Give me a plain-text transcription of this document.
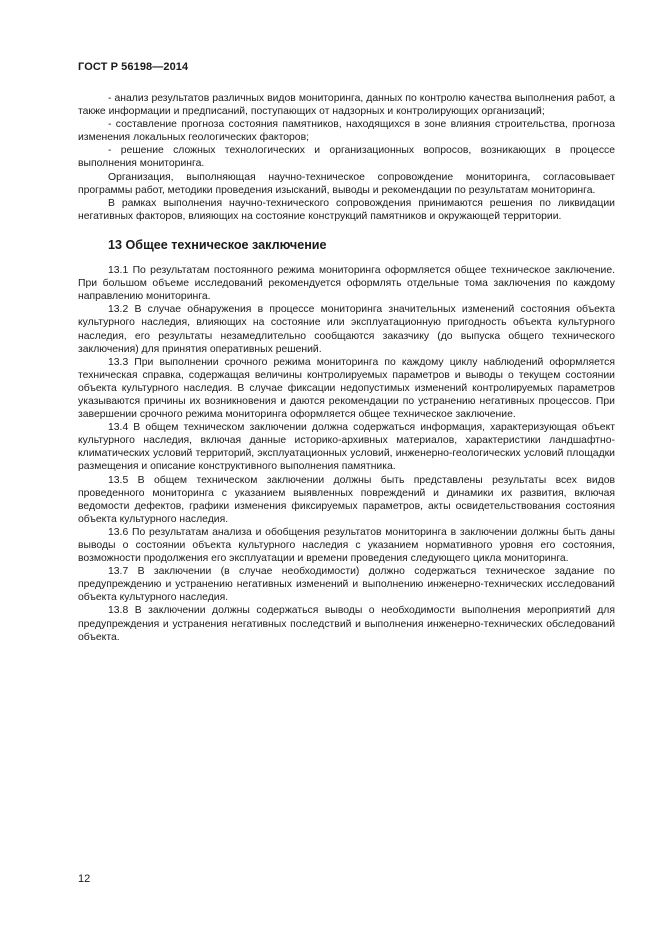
ГОСТ Р 56198—2014

- анализ результатов различных видов мониторинга, данных по контролю качества выполнения работ, а также информации и предписаний, поступающих от надзорных и контролирующих организаций;

- составление прогноза состояния памятников, находящихся в зоне влияния строительства, прогноза изменения локальных геологических факторов;

- решение сложных технологических и организационных вопросов, возникающих в процессе выполнения мониторинга.

Организация, выполняющая научно-техническое сопровождение мониторинга, согласовывает программы работ, методики проведения изысканий, выводы и рекомендации по результатам мониторинга.

В рамках выполнения научно-технического сопровождения принимаются решения по ликвидации негативных факторов, влияющих на состояние конструкций памятников и окружающей территории.

13 Общее техническое заключение

13.1 По результатам постоянного режима мониторинга оформляется общее техническое заключение. При большом объеме исследований рекомендуется оформлять отдельные тома заключения по каждому направлению мониторинга.

13.2 В случае обнаружения в процессе мониторинга значительных изменений состояния объекта культурного наследия, влияющих на состояние или эксплуатационную пригодность объекта культурного наследия, его результаты незамедлительно сообщаются заказчику (до выпуска общего технического заключения) для принятия оперативных решений.

13.3 При выполнении срочного режима мониторинга по каждому циклу наблюдений оформляется техническая справка, содержащая величины контролируемых параметров и выводы о текущем состоянии объекта культурного наследия. В случае фиксации недопустимых изменений контролируемых параметров указываются причины их возникновения и даются рекомендации по устранению негативных процессов. При завершении срочного режима мониторинга оформляется общее техническое заключение.

13.4 В общем техническом заключении должна содержаться информация, характеризующая объект культурного наследия, включая данные историко-архивных материалов, характеристики ландшафтно-климатических условий территорий, эксплуатационных условий, инженерно-геологических условий площадки размещения и описание конструктивного выполнения памятника.

13.5 В общем техническом заключении должны быть представлены результаты всех видов проведенного мониторинга с указанием выявленных повреждений и динамики их развития, включая ведомости дефектов, графики изменения фиксируемых параметров, акты освидетельствования состояния объекта культурного наследия.

13.6 По результатам анализа и обобщения результатов мониторинга в заключении должны быть даны выводы о состоянии объекта культурного наследия с указанием нормативного уровня его состояния, возможности продолжения его эксплуатации и времени проведения следующего цикла мониторинга.

13.7 В заключении (в случае необходимости) должно содержаться техническое задание по предупреждению и устранению негативных изменений и выполнению инженерно-технических исследований объекта культурного наследия.

13.8 В заключении должны содержаться выводы о необходимости выполнения мероприятий для предупреждения и устранения негативных последствий и выполнения инженерно-технических обследований объекта.

12
